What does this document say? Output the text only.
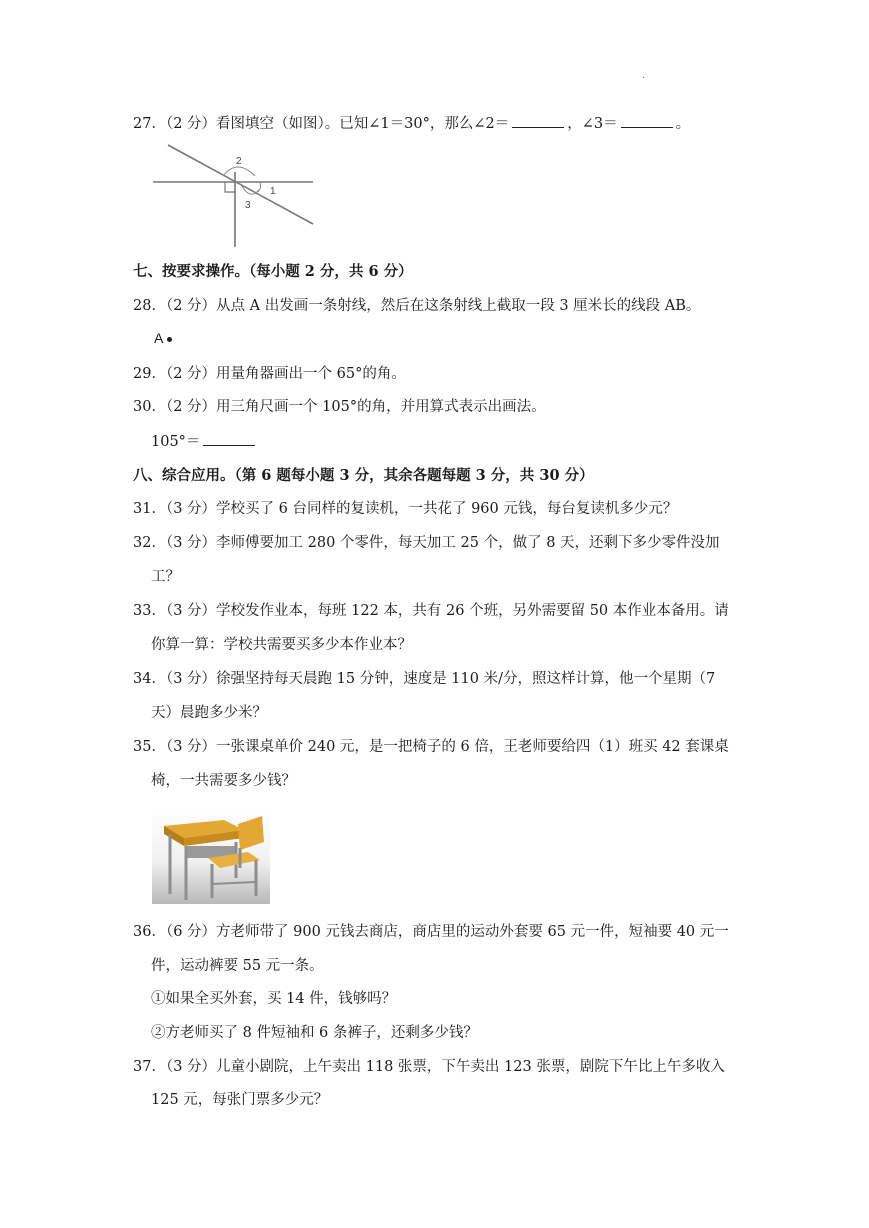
.
27．（2 分）看图填空（如图）。已知∠1＝30°，那么∠2＝	，∠3＝	。
2
1
3
七、按要求操作。（每小题 2 分，共 6 分）
28．（2 分）从点 A 出发画一条射线，然后在这条射线上截取一段 3 厘米长的线段 AB。
A
29．（2 分）用量角器画出一个 65°的角。
30．（2 分）用三角尺画一个 105°的角，并用算式表示出画法。
105°＝
八、综合应用。（第 6 题每小题 3 分，其余各题每题 3 分，共 30 分）
31．（3 分）学校买了 6 台同样的复读机，一共花了 960 元钱，每台复读机多少元？
32．（3 分）李师傅要加工 280 个零件，每天加工 25 个，做了 8 天，还剩下多少零件没加
工？
33．（3 分）学校发作业本，每班 122 本，共有 26 个班，另外需要留 50 本作业本备用。请
你算一算：学校共需要买多少本作业本？
34．（3 分）徐强坚持每天晨跑 15 分钟，速度是 110 米/分，照这样计算，他一个星期（7
天）晨跑多少米？
35．（3 分）一张课桌单价 240 元，是一把椅子的 6 倍，王老师要给四（1）班买 42 套课桌
椅，一共需要多少钱？
36．（6 分）方老师带了 900 元钱去商店，商店里的运动外套要 65 元一件，短袖要 40 元一
件，运动裤要 55 元一条。
①如果全买外套，买 14 件，钱够吗？
②方老师买了 8 件短袖和 6 条裤子，还剩多少钱？
37．（3 分）儿童小剧院，上午卖出 118 张票，下午卖出 123 张票，剧院下午比上午多收入
125 元，每张门票多少元？
